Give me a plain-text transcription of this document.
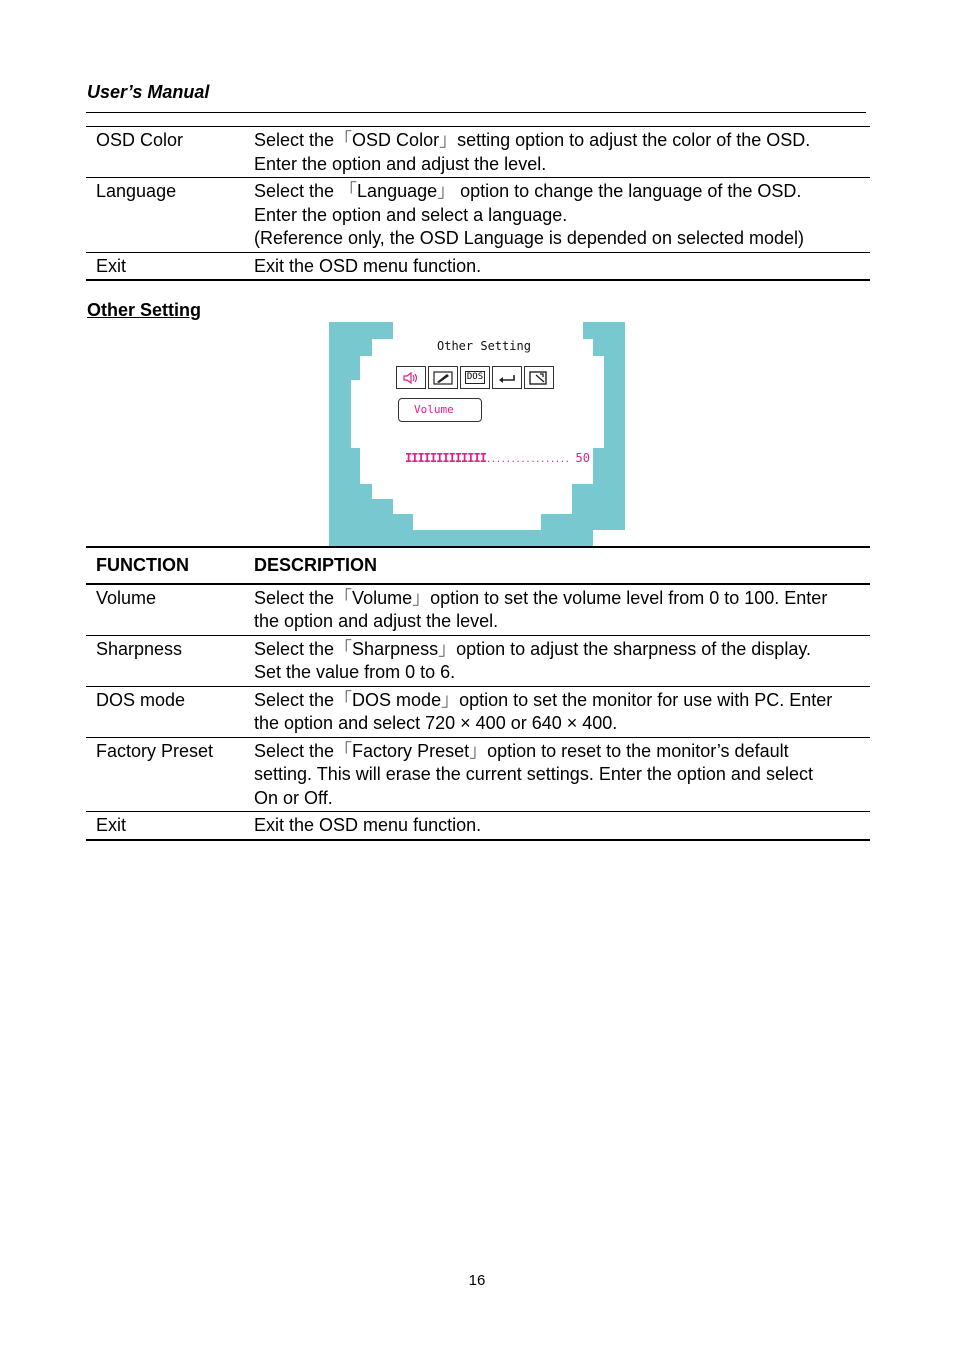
User’s Manual
OSD Color	Select the「OSD Color」setting option to adjust the color of the OSD.
Enter the option and adjust the level.

Language	Select the 「Language」 option to change the language of the OSD.
Enter the option and select a language.
(Reference only, the OSD Language is depended on selected model)

Exit	Exit the OSD menu function.
Other Setting
Other Setting
DOS
Volume
IIIIIIIIIIIII................. 50
FUNCTION	DESCRIPTION
Volume	Select the「Volume」option to set the volume level from 0 to 100. Enter
the option and adjust the level.

Sharpness	Select the「Sharpness」option to adjust the sharpness of the display.
Set the value from 0 to 6.

DOS mode	Select the「DOS mode」option to set the monitor for use with PC. Enter
the option and select 720 × 400 or 640 × 400.

Factory Preset	Select the「Factory Preset」option to reset to the monitor’s default
setting. This will erase the current settings. Enter the option and select
On or Off.

Exit	Exit the OSD menu function.
16
